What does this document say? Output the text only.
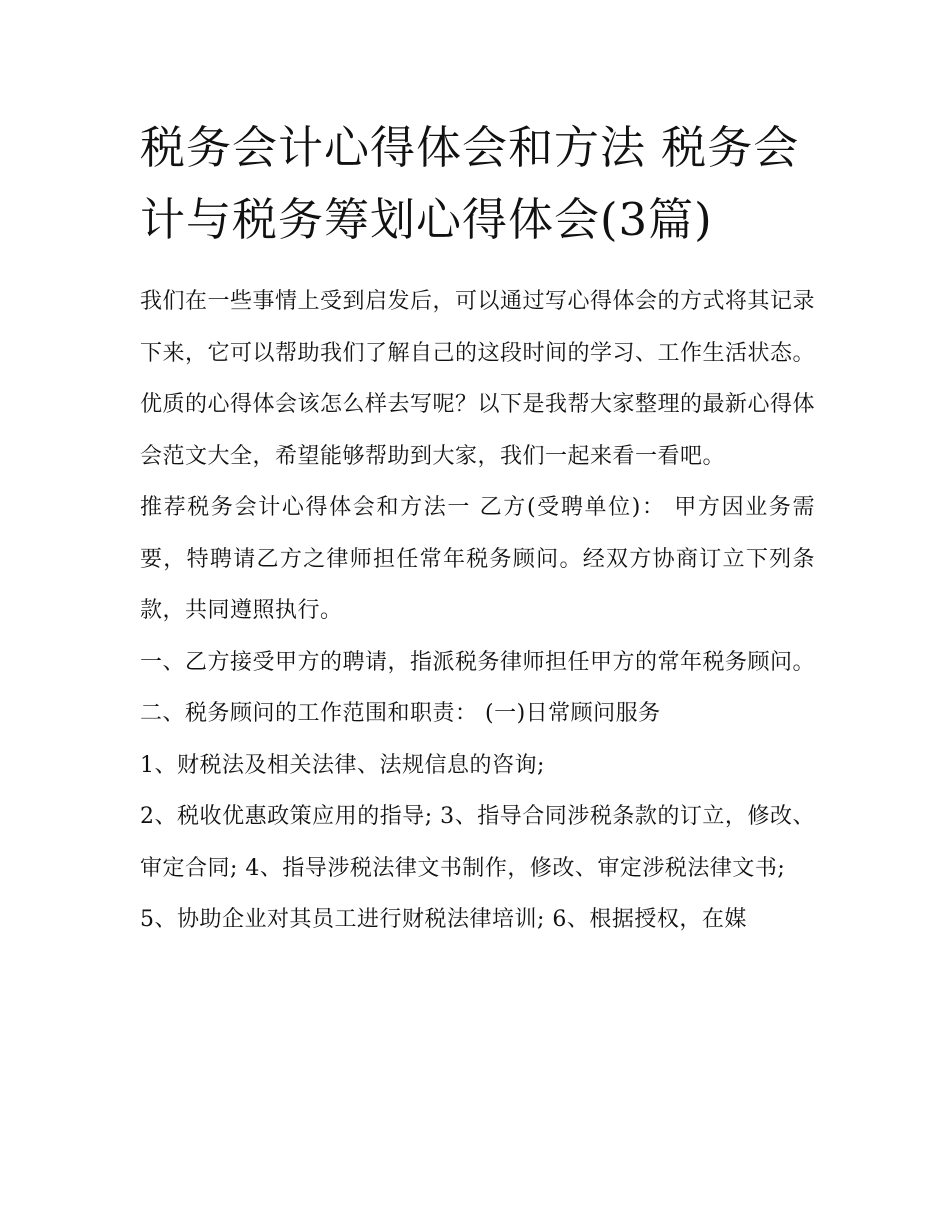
税务会计心得体会和方法 税务会计与税务筹划心得体会(3篇)

我们在一些事情上受到启发后，可以通过写心得体会的方式将其记录下来，它可以帮助我们了解自己的这段时间的学习、工作生活状态。优质的心得体会该怎么样去写呢？以下是我帮大家整理的最新心得体会范文大全，希望能够帮助到大家，我们一起来看一看吧。

推荐税务会计心得体会和方法一 乙方(受聘单位)： 甲方因业务需要，特聘请乙方之律师担任常年税务顾问。经双方协商订立下列条款，共同遵照执行。

一、乙方接受甲方的聘请，指派税务律师担任甲方的常年税务顾问。 二、税务顾问的工作范围和职责： (一)日常顾问服务

1、财税法及相关法律、法规信息的咨询;

2、税收优惠政策应用的指导; 3、指导合同涉税条款的订立，修改、审定合同; 4、指导涉税法律文书制作，修改、审定涉税法律文书;

5、协助企业对其员工进行财税法律培训; 6、根据授权，在媒
